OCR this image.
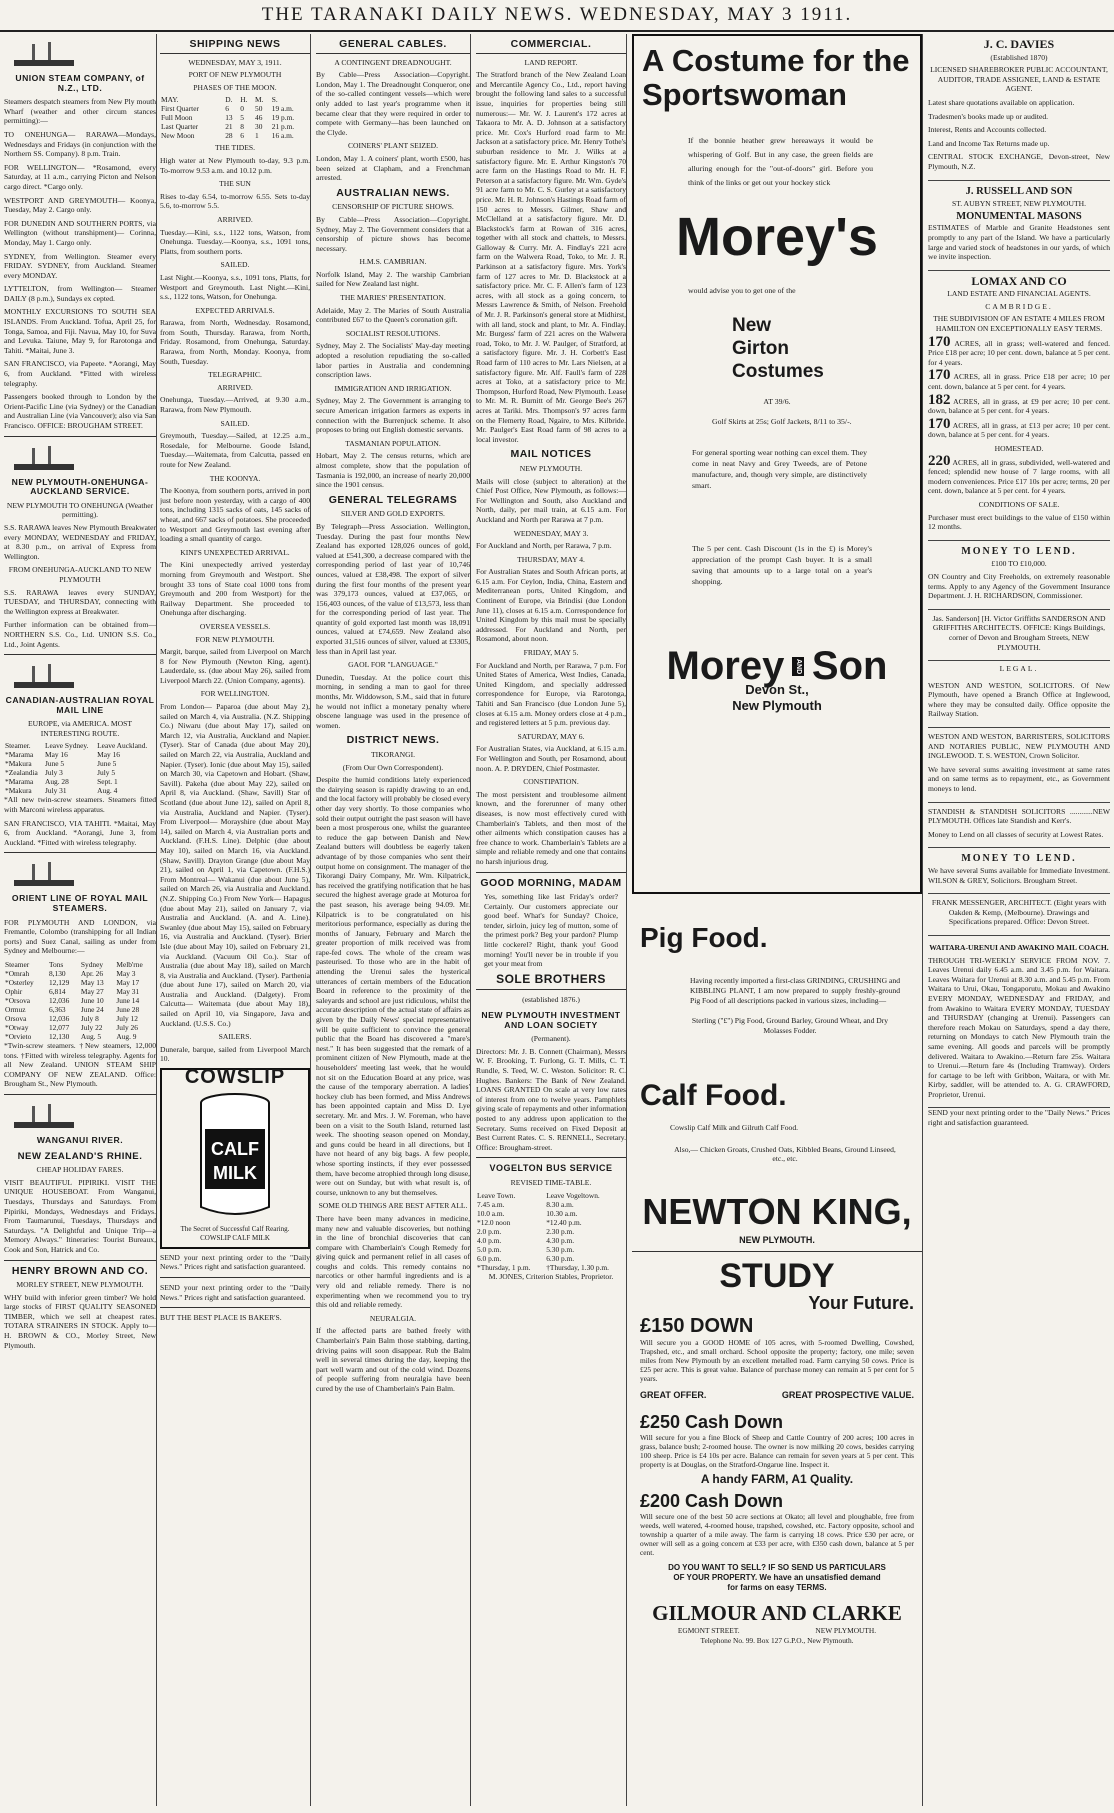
THE TARANAKI DAILY NEWS. WEDNESDAY, MAY 3 1911.
UNION STEAM COMPANY, of N.Z., LTD.

Steamers despatch steamers from New Ply mouth Wharf (weather and other circum stances permitting):—

TO ONEHUNGA— RARAWA—Mondays, Wednesdays and Fridays (in conjunction with the Northern SS. Company). 8 p.m. Train.

FOR WELLINGTON— *Rosamond, every Saturday, at 11 a.m., carrying Picton and Nelson cargo direct. *Cargo only.

WESTPORT AND GREYMOUTH— Koonya, Tuesday, May 2. Cargo only.

FOR DUNEDIN AND SOUTHERN PORTS, via Wellington (without transhipment)— Corinna, Monday, May 1. Cargo only.

SYDNEY, from Wellington. Steamer every FRIDAY. SYDNEY, from Auckland. Steamer every MONDAY.

LYTTELTON, from Wellington— Steamer DAILY (8 p.m.), Sundays ex cepted.

MONTHLY EXCURSIONS TO SOUTH SEA ISLANDS. From Auckland. Tofua, April 25, for Tonga, Samoa, and Fiji. Navua, May 10, for Suva and Levuka. Taiune, May 9, for Rarotonga and Tahiti. *Maitai, June 3.

SAN FRANCISCO, via Papeete. *Aorangi, May 6, from Auckland. *Fitted with wireless telegraphy.

Passengers booked through to London by the Orient-Pacific Line (via Sydney) or the Canadian and Australian Line (via Vancouver); also via San Francisco. OFFICE: BROUGHAM STREET.

NEW PLYMOUTH-ONEHUNGA-AUCKLAND SERVICE.
NEW PLYMOUTH TO ONEHUNGA (Weather permitting).

S.S. RARAWA leaves New Plymouth Breakwater every MONDAY, WEDNESDAY and FRIDAY, at 8.30 p.m., on arrival of Express from Wellington.

FROM ONEHUNGA-AUCKLAND TO NEW PLYMOUTH

S.S. RARAWA leaves every SUNDAY, TUESDAY, and THURSDAY, connecting with the Wellington express at Breakwater.

Further information can be obtained from— NORTHERN S.S. Co., Ltd. UNION S.S. Co., Ltd., Joint Agents.

CANADIAN-AUSTRALIAN ROYAL MAIL LINE
EUROPE, via AMERICA. MOST INTERESTING ROUTE.
Steamer.	Leave Sydney.	Leave Auckland.
*Marama	May 16	May 16
*Makura	June 5	June 5
*Zealandia	July 3	July 5
*Marama	Aug. 28	Sept. 1
*Makura	July 31	Aug. 4

*All new twin-screw steamers. Steamers fitted with Marconi wireless apparatus.

SAN FRANCISCO, VIA TAHITI. *Maitai, May 6, from Auckland. *Aorangi, June 3, from Auckland. *Fitted with wireless telegraphy.

ORIENT LINE OF ROYAL MAIL STEAMERS.

FOR PLYMOUTH AND LONDON, via Fremantle, Colombo (transhipping for all Indian ports) and Suez Canal, sailing as under from Sydney and Melbourne:—

Steamer	Tons	Sydney	Melb'rne
*Omrah	8,130	Apr. 26	May 3
*Osterley	12,129	May 13	May 17
Ophir	6,814	May 27	May 31
*Orsova	12,036	June 10	June 14
Ormuz	6,363	June 24	June 28
Orsova	12,036	July 8	July 12
*Otway	12,077	July 22	July 26
*Orvieto	12,130	Aug. 5	Aug. 9

*Twin-screw steamers. †New steamers, 12,000 tons. †Fitted with wireless telegraphy. Agents for all New Zealand. UNION STEAM SHIP COMPANY OF NEW ZEALAND. Office: Brougham St., New Plymouth.

WANGANUI RIVER.
NEW ZEALAND'S RHINE.
CHEAP HOLIDAY FARES.

VISIT BEAUTIFUL PIPIRIKI. VISIT THE UNIQUE HOUSEBOAT. From Wanganui, Tuesdays, Thursdays and Saturdays. From Pipiriki, Mondays, Wednesdays and Fridays. From Taumarunui, Tuesdays, Thursdays and Saturdays. "A Delightful and Unique Trip—a Memory Always." Itineraries: Tourist Bureaux, Cook and Son, Hatrick and Co.

HENRY BROWN AND CO.
MORLEY STREET, NEW PLYMOUTH.

WHY build with inferior green timber? We hold large stocks of FIRST QUALITY SEASONED TIMBER, which we sell at cheapest rates. TOTARA STRAINERS IN STOCK. Apply to— H. BROWN & CO., Morley Street, New Plymouth.

SHIPPING NEWS
WEDNESDAY, MAY 3, 1911.
PORT OF NEW PLYMOUTH
PHASES OF THE MOON.
MAY.	D.	H.	M.	S.
First Quarter	6	0	50	19 a.m.
Full Moon	13	5	46	19 p.m.
Last Quarter	21	8	30	21 p.m.
New Moon	28	6	1	16 a.m.
THE TIDES.

High water at New Plymouth to-day, 9.3 p.m. To-morrow 9.53 a.m. and 10.12 p.m.

THE SUN

Rises to-day 6.54, to-morrow 6.55. Sets to-day 5.6, to-morrow 5.5.

ARRIVED.

Tuesday.—Kini, s.s., 1122 tons, Watson, from Onehunga. Tuesday.—Koonya, s.s., 1091 tons, Platts, from southern ports.

SAILED.

Last Night.—Koonya, s.s., 1091 tons, Platts, for Westport and Greymouth. Last Night.—Kini, s.s., 1122 tons, Watson, for Onehunga.

EXPECTED ARRIVALS.

Rarawa, from North, Wednesday. Rosamond, from South, Thursday. Rarawa, from North, Friday. Rosamond, from Onehunga, Saturday. Rarawa, from North, Monday. Koonya, from South, Tuesday.

TELEGRAPHIC.
ARRIVED.

Onehunga, Tuesday.—Arrived, at 9.30 a.m., Rarawa, from New Plymouth.

SAILED.

Greymouth, Tuesday.—Sailed, at 12.25 a.m., Rosedale, for Melbourne. Goode Island, Tuesday.—Waitemata, from Calcutta, passed en route for New Zealand.

THE KOONYA.

The Koonya, from southern ports, arrived in port just before noon yesterday, with a cargo of 400 tons, including 1315 sacks of oats, 145 sacks of wheat, and 667 sacks of potatoes. She proceeded to Westport and Greymouth last evening after loading a small quantity of cargo.

KINI'S UNEXPECTED ARRIVAL.

The Kini unexpectedly arrived yesterday morning from Greymouth and Westport. She brought 33 tons of State coal 1000 tons from Greymouth and 200 from Westport) for the Railway Department. She proceeded to Onehunga after discharging.

OVERSEA VESSELS.
FOR NEW PLYMOUTH.

Margit, barque, sailed from Liverpool on March 8 for New Plymouth (Newton King, agent). Lauderdale, ss. (due about May 26), sailed from Liverpool March 22. (Union Company, agents).

FOR WELLINGTON.

From London— Paparoa (due about May 2), sailed on March 4, via Australia. (N.Z. Shipping Co.) Niwaru (due about May 17), sailed on March 12, via Australia, Auckland and Napier. (Tyser). Star of Canada (due about May 20), sailed on March 22, via Australia, Auckland and Napier. (Tyser). Ionic (due about May 15), sailed on March 30, via Capetown and Hobart. (Shaw, Savill). Pakeha (due about May 22), sailed on April 8, via Auckland. (Shaw, Savill) Star of Scotland (due about June 12), sailed on April 8, via Australia, Auckland and Napier. (Tyser). From Liverpool— Morayshire (due about May 14), sailed on March 4, via Australian ports and Auckland. (F.H.S. Line). Delphic (due about May 10), sailed on March 16, via Auckland. (Shaw, Savill). Drayton Grange (due about May 21), sailed on April 1, via Capetown. (F.H.S.) From Montreal— Wakanui (due about June 5), sailed on March 26, via Australia and Auckland. (N.Z. Shipping Co.) From New York— Hapagus (due about May 21), sailed on January 7, via Australia and Auckland. (A. and A. Line). Swanley (due about May 15), sailed on February 16, via Australia and Auckland. (Tyser). Brier Isle (due about May 10), sailed on February 21, via Auckland. (Vacuum Oil Co.). Star of Australia (due about May 18), sailed on March 8, via Australia and Auckland. (Tyser). Parthenia (due about June 17), sailed on March 20, via Australia and Auckland. (Dalgety). From Calcutta— Waitemata (due about May 18), sailed on April 10, via Singapore, Java and Auckland. (U.S.S. Co.)

SAILERS.

Dunerale, barque, sailed from Liverpool March 10.

COWSLIP
CALF
MILK
The Secret of Successful Calf Rearing. COWSLIP CALF MILK

SEND your next printing order to the "Daily News." Prices right and satisfaction guaranteed.

SEND your next printing order to the "Daily News." Prices right and satisfaction guaranteed.

BUT THE BEST PLACE IS BAKER'S.

GENERAL CABLES.
A CONTINGENT DREADNOUGHT.

By Cable—Press Association—Copyright. London, May 1. The Dreadnought Conqueror, one of the so-called contingent vessels—which were only added to last year's programme when it became clear that they were required in order to compete with Germany—has been launched on the Clyde.

COINERS' PLANT SEIZED.

London, May 1. A coiners' plant, worth £500, has been seized at Clapham, and a Frenchman arrested.

AUSTRALIAN NEWS.
CENSORSHIP OF PICTURE SHOWS.

By Cable—Press Association—Copyright. Sydney, May 2. The Government considers that a censorship of picture shows has become necessary.

H.M.S. CAMBRIAN.

Norfolk Island, May 2. The warship Cambrian sailed for New Zealand last night.

THE MARIES' PRESENTATION.

Adelaide, May 2. The Maries of South Australia contributed £67 to the Queen's coronation gift.

SOCIALIST RESOLUTIONS.

Sydney, May 2. The Socialists' May-day meeting adopted a resolution repudiating the so-called labor parties in Australia and condemning conscription laws.

IMMIGRATION AND IRRIGATION.

Sydney, May 2. The Government is arranging to secure American irrigation farmers as experts in connection with the Burrenjuck scheme. It also proposes to bring out English domestic servants.

TASMANIAN POPULATION.

Hobart, May 2. The census returns, which are almost complete, show that the population of Tasmania is 192,000, an increase of nearly 20,000 since the 1901 census.

GENERAL TELEGRAMS
SILVER AND GOLD EXPORTS.

By Telegraph—Press Association. Wellington, Tuesday. During the past four months New Zealand has exported 128,026 ounces of gold, valued at £541,300, a decrease compared with the corresponding period of last year of 10,746 ounces, valued at £38,498. The export of silver during the first four months of the present year was 379,173 ounces, valued at £37,065, or 156,403 ounces, of the value of £13,573, less than for the corresponding period of last year. The quantity of gold exported last month was 18,091 ounces, valued at £74,659. New Zealand also exported 31,516 ounces of silver, valued at £3305, less than in April last year.

GAOL FOR "LANGUAGE."

Dunedin, Tuesday. At the police court this morning, in sending a man to gaol for three months, Mr. Widdowson, S.M., said that in future he would not inflict a monetary penalty where obscene language was used in the presence of women.

DISTRICT NEWS.
TIKORANGI.
(From Our Own Correspondent).

Despite the humid conditions lately experienced the dairying season is rapidly drawing to an end, and the local factory will probably be closed every other day very shortly. To those companies who sold their output outright the past season will have been a most prosperous one, whilst the guarantee to reduce the gap between Danish and New Zealand butters will doubtless be eagerly taken advantage of by those companies who sent their output home on consignment. The manager of the Tikorangi Dairy Company, Mr. Wm. Kilpatrick, has received the gratifying notification that he has secured the highest average grade at Moturoa for the past season, his average being 94.09. Mr. Kilpatrick is to be congratulated on his meritorious performance, especially as during the months of January, February and March the greater proportion of milk received was from rape-fed cows. The whole of the cream was pasteurised. To those who are in the habit of attending the Urenui sales the hysterical utterances of certain members of the Education Board in reference to the proximity of the saleyards and school are just ridiculous, whilst the accurate description of the actual state of affairs as given by the Daily News' special representative will be quite sufficient to convince the general public that the Board has discovered a "mare's nest." It has been suggested that the remark of a prominent citizen of New Plymouth, made at the householders' meeting last week, that he would not sit on the Education Board at any price, was the cause of the temporary aberration. A ladies' hockey club has been formed, and Miss Andrews has been appointed captain and Miss D. Lye secretary. Mr. and Mrs. J. W. Foreman, who have been on a visit to the South Island, returned last week. The shooting season opened on Monday, and guns could be heard in all directions, but I have not heard of any big bags. A few people, whose sporting instincts, if they ever possessed them, have become atrophied through long disuse, were out on Sunday, but with what result is, of course, unknown to any but themselves.

SOME OLD THINGS ARE BEST AFTER ALL.

There have been many advances in medicine, many new and valuable discoveries, but nothing in the line of bronchial discoveries that can compare with Chamberlain's Cough Remedy for giving quick and permanent relief in all cases of coughs and colds. This remedy contains no narcotics or other harmful ingredients and is a very old and reliable remedy. There is no experimenting when we recommend you to try this old and reliable remedy.

NEURALGIA.

If the affected parts are bathed freely with Chamberlain's Pain Balm those stabbing, darting, driving pains will soon disappear. Rub the Balm well in several times during the day, keeping the part well warm and out of the cold wind. Dozens of people suffering from neuralgia have been cured by the use of Chamberlain's Pain Balm.

COMMERCIAL.
LAND REPORT.

The Stratford branch of the New Zealand Loan and Mercantile Agency Co., Ltd., report having brought the following land sales to a successful issue, inquiries for properties being still numerous:— Mr. W. J. Laurent's 172 acres at Takaora to Mr. A. D. Johnson at a satisfactory price. Mr. Cox's Hurford road farm to Mr. Jackson at a satisfactory price. Mr. Henry Tothe's suburban residence to Mr. J. Wilks at a satisfactory figure. Mr. E. Arthur Kingston's 70 acre farm on the Hastings Road to Mr. H. F. Peterson at a satisfactory figure. Mr. Wm. Gyde's 91 acre farm to Mr. C. S. Gurley at a satisfactory price. Mr. H. R. Johnson's Hastings Road farm of 150 acres to Messrs. Gilmer, Shaw and McClelland at a satisfactory figure. Mr. D. Blackstock's farm at Rowan of 316 acres, together with all stock and chattels, to Messrs. Galloway & Curry. Mr. A. Findlay's 221 acre farm on the Walwera Road, Toko, to Mr. J. R. Parkinson at a satisfactory figure. Mrs. York's farm of 127 acres to Mr. D. Blackstock at a satisfactory price. Mr. C. F. Allen's farm of 123 acres, with all stock as a going concern, to Messrs Lawrence & Smith, of Nelson. Freehold of Mr. J. R. Parkinson's general store at Midhirst, with all land, stock and plant, to Mr. A. Findlay. Mr. Burgess' farm of 221 acres on the Walwera road, Toko, to Mr. J. W. Paulger, of Stratford, at a satisfactory figure. Mr. J. H. Corbett's East Road farm of 110 acres to Mr. Lars Nielsen, at a satisfactory figure. Mr. Alf. Faull's farm of 228 acres at Toko, at a satisfactory price to Mr. Thompson, Hurford Road, New Plymouth. Lease to Mr. M. R. Burnitt of Mr. George Bee's 267 acres at Tariki. Mrs. Thompson's 97 acres farm on the Flemerty Road, Ngaire, to Mrs. Kilbride. Mr. Paulger's East Road farm of 98 acres to a local investor.

MAIL NOTICES
NEW PLYMOUTH.

Mails will close (subject to alteration) at the Chief Post Office, New Plymouth, as follows:— For Wellington and South, also Auckland and North, daily, per mail train, at 6.15 a.m. For Auckland and North per Rarawa at 7 p.m.

WEDNESDAY, MAY 3.

For Auckland and North, per Rarawa, 7 p.m.

THURSDAY, MAY 4.

For Australian States and South African ports, at 6.15 a.m. For Ceylon, India, China, Eastern and Mediterranean ports, United Kingdom, and Continent of Europe, via Brindisi (due London June 11), closes at 6.15 a.m. Correspondence for United Kingdom by this mail must be specially addressed. For Auckland and North, per Rosamond, about noon.

FRIDAY, MAY 5.

For Auckland and North, per Rarawa, 7 p.m. For United States of America, West Indies, Canada, United Kingdom, and specially addressed correspondence for Europe, via Rarotonga, Tahiti and San Francisco (due London June 5), closes at 6.15 a.m. Money orders close at 4 p.m., and registered letters at 5 p.m. previous day.

SATURDAY, MAY 6.

For Australian States, via Auckland, at 6.15 a.m. For Wellington and South, per Rosamond, about noon. A. P. DRYDEN, Chief Postmaster.

CONSTIPATION.

The most persistent and troublesome ailment known, and the forerunner of many other diseases, is now most effectively cured with Chamberlain's Tablets, and then most of the other ailments which constipation causes has a free chance to work. Chamberlain's Tablets are a simple and reliable remedy and one that contains no harsh injurious drug.

GOOD MORNING, MADAM

Yes, something like last Friday's order? Certainly. Our customers appreciate our good beef. What's for Sunday? Choice, tender, sirloin, juicy leg of mutton, some of the primest pork? Beg your pardon? Plump little cockerel? Right, thank you! Good morning! You'll never be in trouble if you get your meat from

SOLE BROTHERS
(established 1876.)
NEW PLYMOUTH INVESTMENT AND LOAN SOCIETY
(Permanent).

Directors: Mr. J. B. Connett (Chairman), Messrs W. F. Brooking, T. Furlong, G. T. Mills, C. T. Rundle, S. Teed, W. C. Weston. Solicitor: R. C. Hughes. Bankers: The Bank of New Zealand. LOANS GRANTED On scale at very low rates of interest from one to twelve years. Pamphlets giving scale of repayments and other information posted to any address upon application to the Secretary. Sums received on Fixed Deposit at Best Current Rates. C. S. RENNELL, Secretary. Office: Brougham-street.

VOGELTON BUS SERVICE
REVISED TIME-TABLE.
Leave Town.	Leave Vogeltown.
7.45 a.m.	8.30 a.m.
10.0 a.m.	10.30 a.m.
*12.0 noon	*12.40 p.m.
2.0 p.m.	2.30 p.m.
4.0 p.m.	4.30 p.m.
5.0 p.m.	5.30 p.m.
6.0 p.m.	6.30 p.m.
*Thursday, 1 p.m.	†Thursday, 1.30 p.m.

M. JONES, Criterion Stables, Proprietor.

A Costume for the
Sportswoman

If the bonnie heather grew hereaways it would be whispering of Golf. But in any case, the green fields are alluring enough for the "out-of-doors" girl. Before you think of the links or get out your hockey stick

Morey's

would advise you to get one of the

New
Girton
Costumes

AT 39/6.

Golf Skirts at 25s; Golf Jackets, 8/11 to 35/-.

For general sporting wear nothing can excel them. They come in neat Navy and Grey Tweeds, are of Petone manufacture, and, though very simple, are distinctively smart.

The 5 per cent. Cash Discount (1s in the £) is Morey's appreciation of the prompt Cash buyer. It is a small saving that amounts up to a large total on a year's shopping.

Morey	AND Son
Devon St.,
New Plymouth
Pig Food.

Having recently imported a first-class GRINDING, CRUSHING and KIBBLING PLANT, I am now prepared to supply freshly-ground Pig Food of all descriptions packed in various sizes, including—

Sterling ("£") Pig Food, Ground Barley, Ground Wheat, and Dry Molasses Fodder.

Calf Food.

Cowslip Calf Milk and Gilruth Calf Food.

Also,— Chicken Groats, Crushed Oats, Kibbled Beans, Ground Linseed, etc., etc.

NEWTON KING,
NEW PLYMOUTH.
STUDY
Your Future.
£150 DOWN

Will secure you a GOOD HOME of 105 acres, with 5-roomed Dwelling, Cowshed, Trapshed, etc., and small orchard. School opposite the property; factory, one mile; seven miles from New Plymouth by an excellent metalled road. Farm carrying 50 cows. Price is £25 per acre. This is great value. Balance of purchase money can remain at 5 per cent for 5 years.

GREAT OFFER.	GREAT PROSPECTIVE VALUE.
£250 Cash Down

Will secure for you a fine Block of Sheep and Cattle Country of 200 acres; 100 acres in grass, balance bush; 2-roomed house. The owner is now milking 20 cows, besides carrying 100 sheep. Price is £4 10s per acre. Balance can remain for seven years at 5 per cent. This property is at Douglas, on the Stratford-Ongarue line. Inspect it.

A handy FARM, A1 Quality.
£200 Cash Down

Will secure one of the best 50 acre sections at Okato; all level and ploughable, free from weeds, well watered, 4-roomed house, trapshed, cowshed, etc. Factory opposite, school and township a quarter of a mile away. The farm is carrying 18 cows. Price £30 per acre, or owner will sell as a going concern at £33 per acre, with £350 cash down, balance at 5 per cent.

DO YOU WANT TO SELL? IF SO SEND US PARTICULARS
OF YOUR PROPERTY. We have an unsatisfied demand
for farms on easy TERMS.
GILMOUR AND CLARKE
EGMONT STREET.	NEW PLYMOUTH.
Telephone No. 99. Box 127 G.P.O., New Plymouth.
J. C. DAVIES
(Established 1870)

LICENSED SHAREBROKER PUBLIC ACCOUNTANT, AUDITOR, TRADE ASSIGNEE, LAND & ESTATE AGENT.

Latest share quotations available on application.

Tradesmen's books made up or audited.

Interest, Rents and Accounts collected.

Land and Income Tax Returns made up.

CENTRAL STOCK EXCHANGE, Devon-street, New Plymouth, N.Z.

J. RUSSELL AND SON
ST. AUBYN STREET, NEW PLYMOUTH.
MONUMENTAL MASONS

ESTIMATES of Marble and Granite Headstones sent promptly to any part of the Island. We have a particularly large and varied stock of headstones in our yards, of which we invite inspection.

LOMAX AND CO
LAND ESTATE AND FINANCIAL AGENTS.
CAMBRIDGE.

THE SUBDIVISION OF AN ESTATE 4 MILES FROM HAMILTON ON EXCEPTIONALLY EASY TERMS.

170 ACRES, all in grass; well-watered and fenced. Price £18 per acre; 10 per cent. down, balance at 5 per cent. for 4 years.

170 ACRES, all in grass. Price £18 per acre; 10 per cent. down, balance at 5 per cent. for 4 years.

182 ACRES, all in grass, at £9 per acre; 10 per cent. down, balance at 5 per cent. for 4 years.

170 ACRES, all in grass, at £13 per acre; 10 per cent. down, balance at 5 per cent. for 4 years.

HOMESTEAD.

220 ACRES, all in grass, subdivided, well-watered and fenced; splendid new house of 7 large rooms, with all modern conveniences. Price £17 10s per acre; terms, 20 per cent. down, balance at 5 per cent. for 4 years.

CONDITIONS OF SALE.

Purchaser must erect buildings to the value of £150 within 12 months.

MONEY TO LEND.
£100 TO £10,000.

ON Country and City Freeholds, on extremely reasonable terms. Apply to any Agency of the Government Insurance Department. J. H. RICHARDSON, Commissioner.

Jas. Sanderson] [H. Victor Griffiths SANDERSON AND GRIFFITHS ARCHITECTS. OFFICE: Kings Buildings, corner of Devon and Brougham Streets, NEW PLYMOUTH.

LEGAL.

WESTON AND WESTON, SOLICITORS. Of New Plymouth, have opened a Branch Office at Inglewood, where they may be consulted daily. Office opposite the Railway Station.

WESTON AND WESTON, BARRISTERS, SOLICITORS AND NOTARIES PUBLIC, NEW PLYMOUTH AND INGLEWOOD. T. S. WESTON, Crown Solicitor.

We have several sums awaiting investment at same rates and on same terms as to repayment, etc., as Government moneys to lend.

STANDISH & STANDISH SOLICITORS ............NEW PLYMOUTH. Offices late Standish and Kerr's.

Money to Lend on all classes of security at Lowest Rates.

MONEY TO LEND.

We have several Sums available for Immediate Investment. WILSON & GREY, Solicitors. Brougham Street.

FRANK MESSENGER, ARCHITECT. (Eight years with Oakden & Kemp, (Melbourne). Drawings and Specifications prepared. Office: Devon Street.

WAITARA-URENUI AND AWAKINO MAIL COACH.

THROUGH TRI-WEEKLY SERVICE FROM NOV. 7. Leaves Urenui daily 6.45 a.m. and 3.45 p.m. for Waitara. Leaves Waitara for Urenui at 8.30 a.m. and 5.45 p.m. From Waitara to Urui, Okau, Tongaporutu, Mokau and Awakino EVERY MONDAY, WEDNESDAY and FRIDAY, and from Awakino to Waitara EVERY MONDAY, TUESDAY and THURSDAY (changing at Urenui). Passengers can therefore reach Mokau on Saturdays, spend a day there, returning on Mondays to catch New Plymouth train the same evening. All goods and parcels will be promptly delivered. Waitara to Awakino.—Return fare 25s. Waitara to Urenui.—Return fare 4s (Including Tramway). Orders for cartage to be left with Gribbon, Waitara, or with Mr. Kirby, saddler, will be attended to. A. G. CRAWFORD, Proprietor, Urenui.

SEND your next printing order to the "Daily News." Prices right and satisfaction guaranteed.
